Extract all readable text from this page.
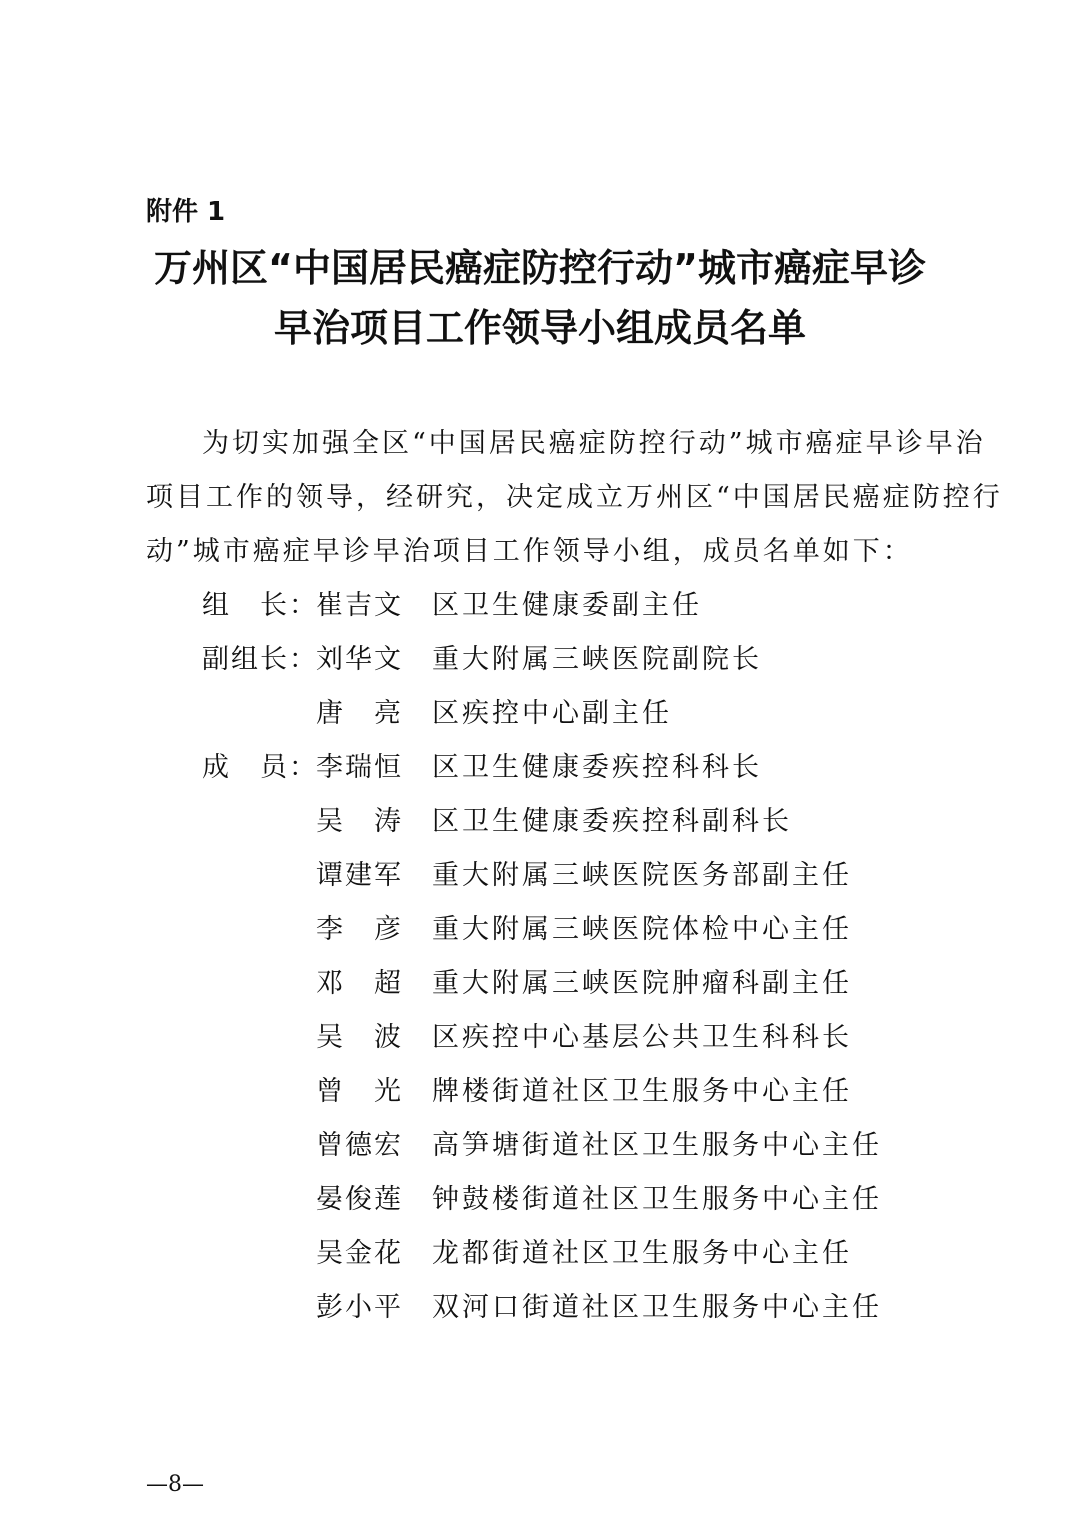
附件 1
万州区“中国居民癌症防控行动”城市癌症早诊
早治项目工作领导小组成员名单
为切实加强全区“中国居民癌症防控行动”城市癌症早诊早治
项目工作的领导，经研究，决定成立万州区“中国居民癌症防控行
动”城市癌症早诊早治项目工作领导小组，成员名单如下：
组　长：
崔吉文 区卫生健康委副主任
副组长：
刘华文 重大附属三峡医院副院长
唐　亮 区疾控中心副主任
成　员：
李瑞恒 区卫生健康委疾控科科长
吴　涛 区卫生健康委疾控科副科长
谭建军 重大附属三峡医院医务部副主任
李　彦 重大附属三峡医院体检中心主任
邓　超 重大附属三峡医院肿瘤科副主任
吴　波 区疾控中心基层公共卫生科科长
曾　光 牌楼街道社区卫生服务中心主任
曾德宏 高笋塘街道社区卫生服务中心主任
晏俊莲 钟鼓楼街道社区卫生服务中心主任
吴金花 龙都街道社区卫生服务中心主任
彭小平 双河口街道社区卫生服务中心主任
—8—
